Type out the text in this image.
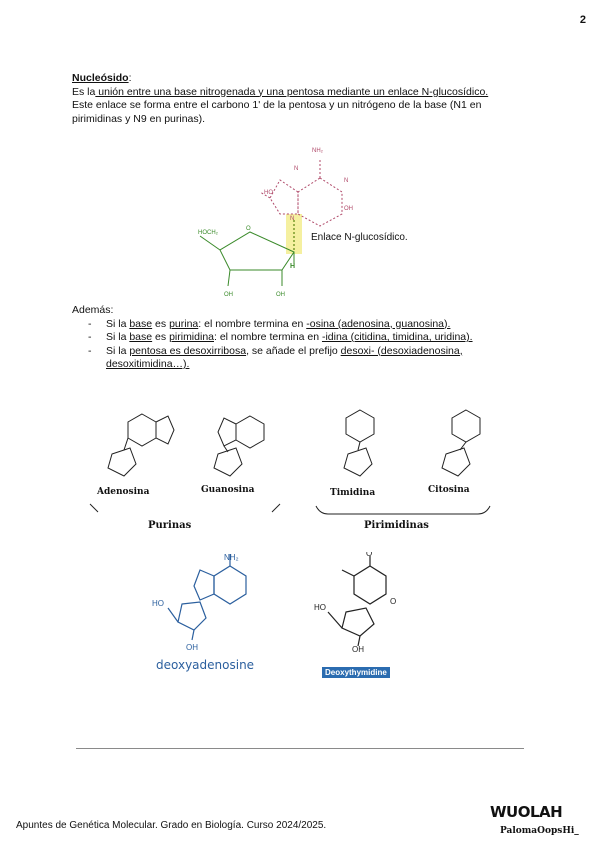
2
Nucleósido:
Es la unión entre una base nitrogenada y una pentosa mediante un enlace N-glucosídico.
Este enlace se forma entre el carbono 1' de la pentosa y un nitrógeno de la base (N1 en pirimidinas y N9 en purinas).
NH₂
N
N
OH
HO
N
HOCH₂
O
H
OH	OH
Enlace N-glucosídico.
Además:
- Si la base es purina: el nombre termina en -osina (adenosina, guanosina).
- Si la base es pirimidina: el nombre termina en -idina (citidina, timidina, uridina).
- Si la pentosa es desoxirribosa, se añade el prefijo desoxi- (desoxiadenosina, desoxitimidina…).
Adenosina	Guanosina	Timidina	Citosina
Purinas	Pirimidinas
NH₂
HO
OH
deoxyadenosine
HO
OH
O
O
Deoxythymidine
Apuntes de Genética Molecular. Grado en Biología. Curso 2024/2025.
WUOLAH
PalomaOopsHi_
